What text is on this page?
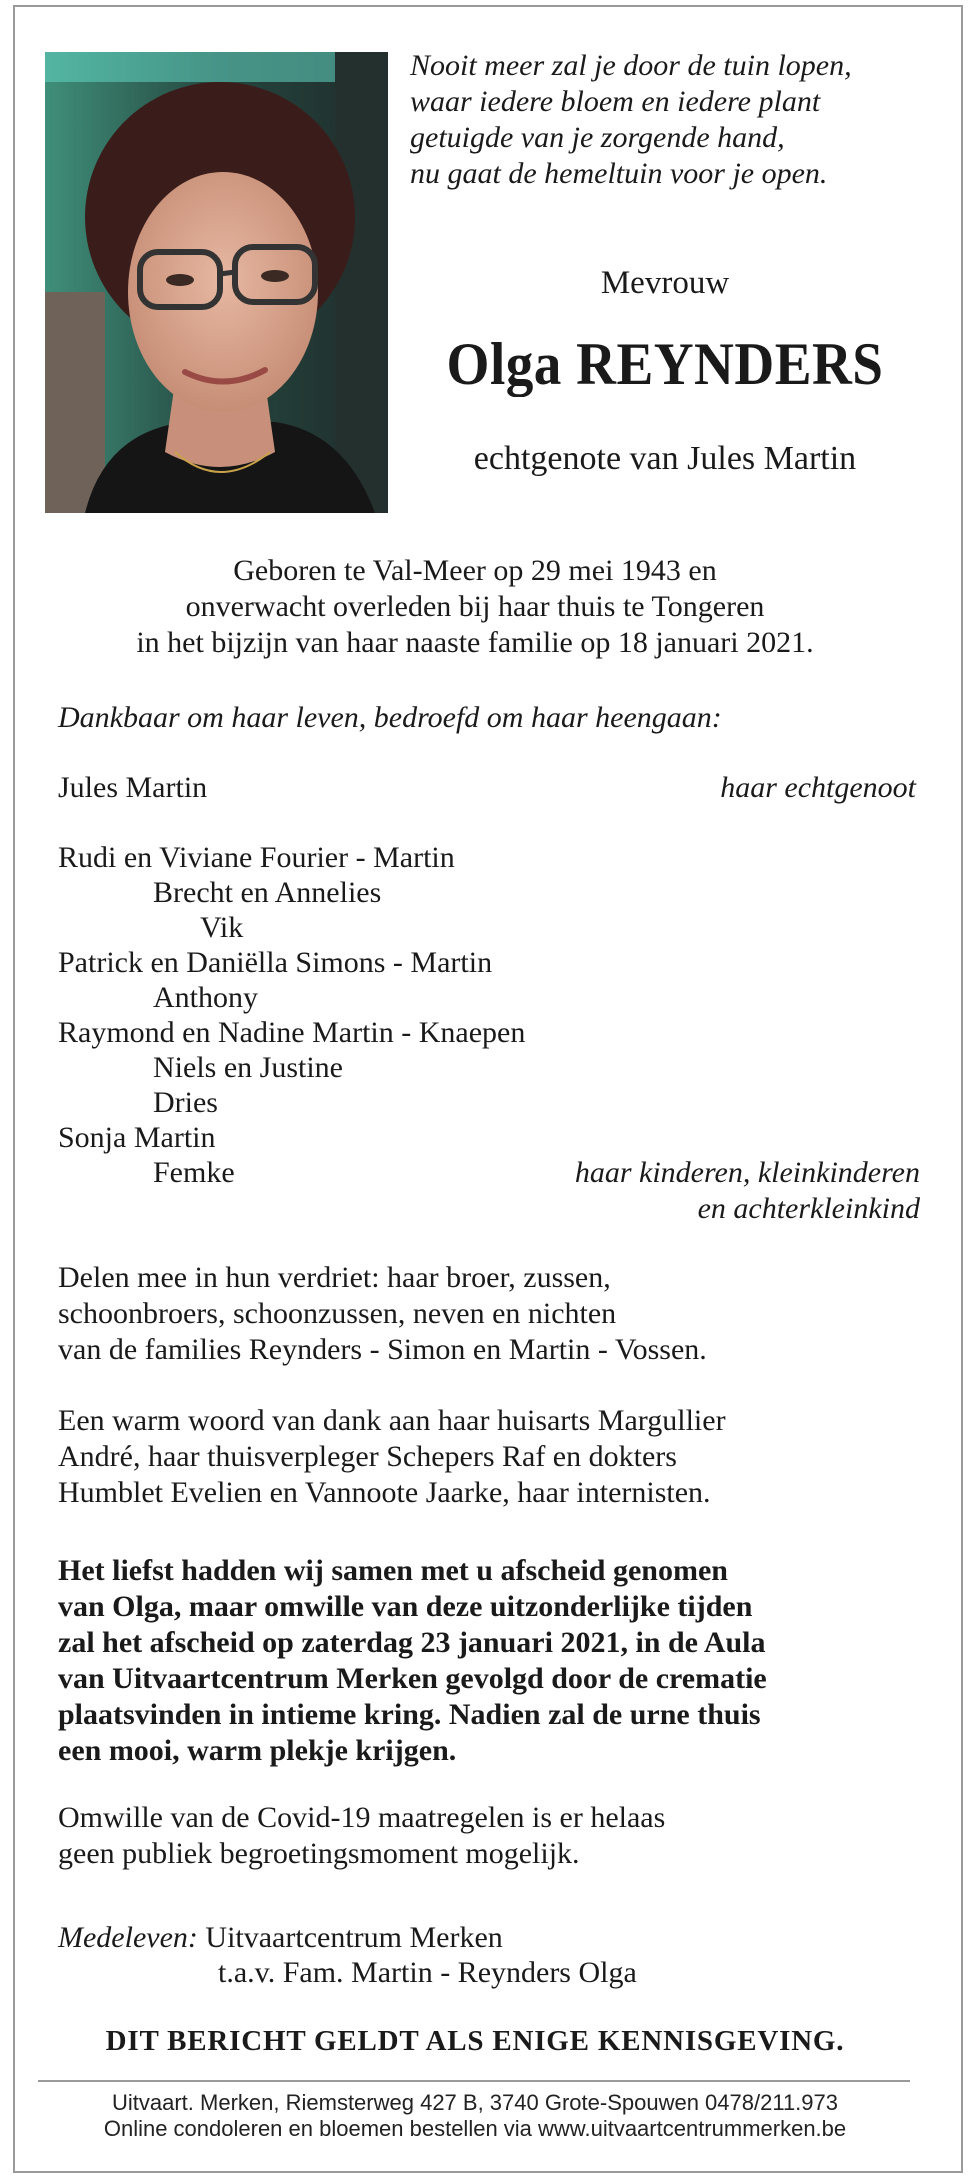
Nooit meer zal je door de tuin lopen,
waar iedere bloem en iedere plant
getuigde van je zorgende hand,
nu gaat de hemeltuin voor je open.
Mevrouw
Olga REYNDERS
echtgenote van Jules Martin
Geboren te Val-Meer op 29 mei 1943 en
onverwacht overleden bij haar thuis te Tongeren
in het bijzijn van haar naaste familie op 18 januari 2021.
Dankbaar om haar leven, bedroefd om haar heengaan:
Jules Martin	haar echtgenoot
Rudi en Viviane Fourier - Martin
Brecht en Annelies
Vik
Patrick en Daniëlla Simons - Martin
Anthony
Raymond en Nadine Martin - Knaepen
Niels en Justine
Dries
Sonja Martin
Femke	haar kinderen, kleinkinderen
en achterkleinkind
Delen mee in hun verdriet: haar broer, zussen,
schoonbroers, schoonzussen, neven en nichten
van de families Reynders - Simon en Martin - Vossen.
Een warm woord van dank aan haar huisarts Margullier
André, haar thuisverpleger Schepers Raf en dokters
Humblet Evelien en Vannoote Jaarke, haar internisten.
Het liefst hadden wij samen met u afscheid genomen
van Olga, maar omwille van deze uitzonderlijke tijden
zal het afscheid op zaterdag 23 januari 2021, in de Aula
van Uitvaartcentrum Merken gevolgd door de crematie
plaatsvinden in intieme kring. Nadien zal de urne thuis
een mooi, warm plekje krijgen.
Omwille van de Covid-19 maatregelen is er helaas
geen publiek begroetingsmoment mogelijk.
Medeleven: Uitvaartcentrum Merken
t.a.v. Fam. Martin - Reynders Olga
DIT BERICHT GELDT ALS ENIGE KENNISGEVING.
Uitvaart. Merken, Riemsterweg 427 B, 3740 Grote-Spouwen 0478/211.973
Online condoleren en bloemen bestellen via www.uitvaartcentrummerken.be
